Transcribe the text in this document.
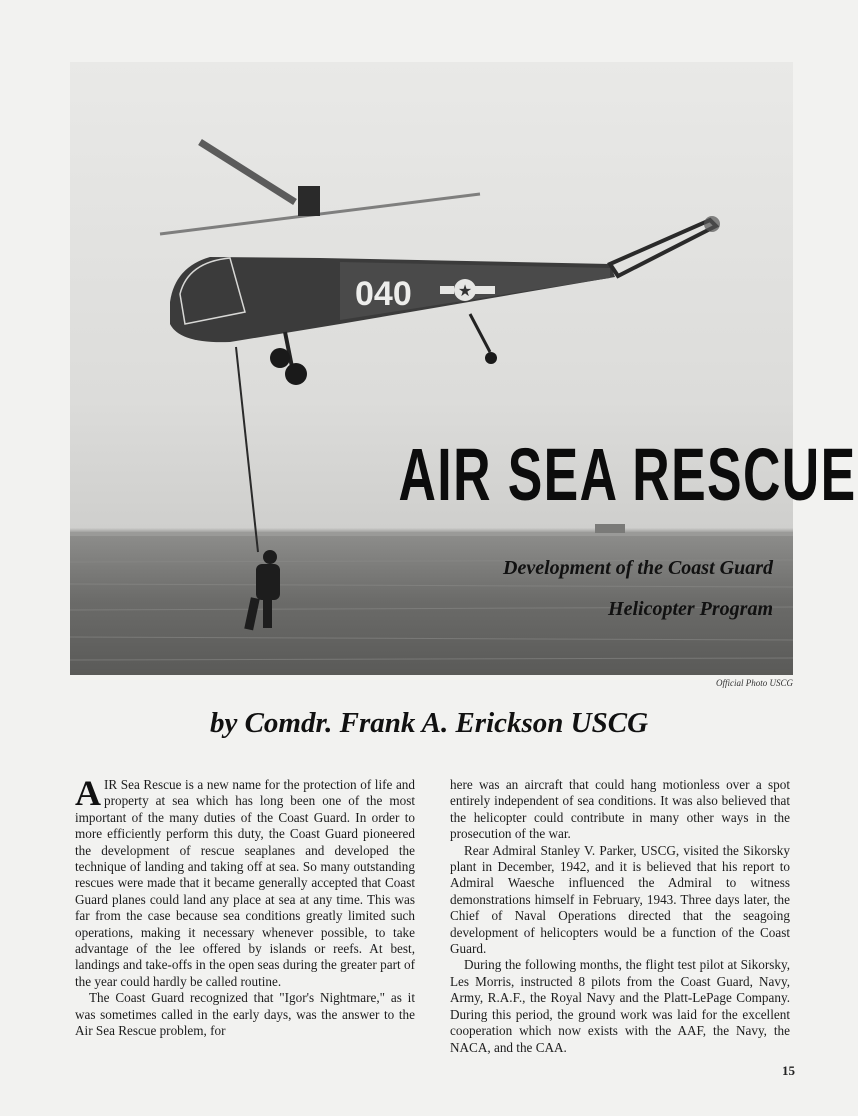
★
040
AIR SEA RESCUE
Development of the Coast Guard
Helicopter Program
Official Photo USCG
by Comdr. Frank A. Erickson USCG

AIR Sea Rescue is a new name for the protection of life and property at sea which has long been one of the most important of the many duties of the Coast Guard. In order to more efficiently perform this duty, the Coast Guard pioneered the development of rescue seaplanes and developed the technique of landing and taking off at sea. So many outstanding rescues were made that it became generally accepted that Coast Guard planes could land any place at sea at any time. This was far from the case because sea conditions greatly limited such operations, making it necessary whenever possible, to take advantage of the lee offered by islands or reefs. At best, landings and take-offs in the open seas during the greater part of the year could hardly be called routine.

The Coast Guard recognized that "Igor's Nightmare," as it was sometimes called in the early days, was the answer to the Air Sea Rescue problem, for

here was an aircraft that could hang motionless over a spot entirely independent of sea conditions. It was also believed that the helicopter could contribute in many other ways in the prosecution of the war.

Rear Admiral Stanley V. Parker, USCG, visited the Sikorsky plant in December, 1942, and it is believed that his report to Admiral Waesche influenced the Admiral to witness demonstrations himself in February, 1943. Three days later, the Chief of Naval Operations directed that the seagoing development of helicopters would be a function of the Coast Guard.

During the following months, the flight test pilot at Sikorsky, Les Morris, instructed 8 pilots from the Coast Guard, Navy, Army, R.A.F., the Royal Navy and the Platt-LePage Company. During this period, the ground work was laid for the excellent cooperation which now exists with the AAF, the Navy, the NACA, and the CAA.

15
